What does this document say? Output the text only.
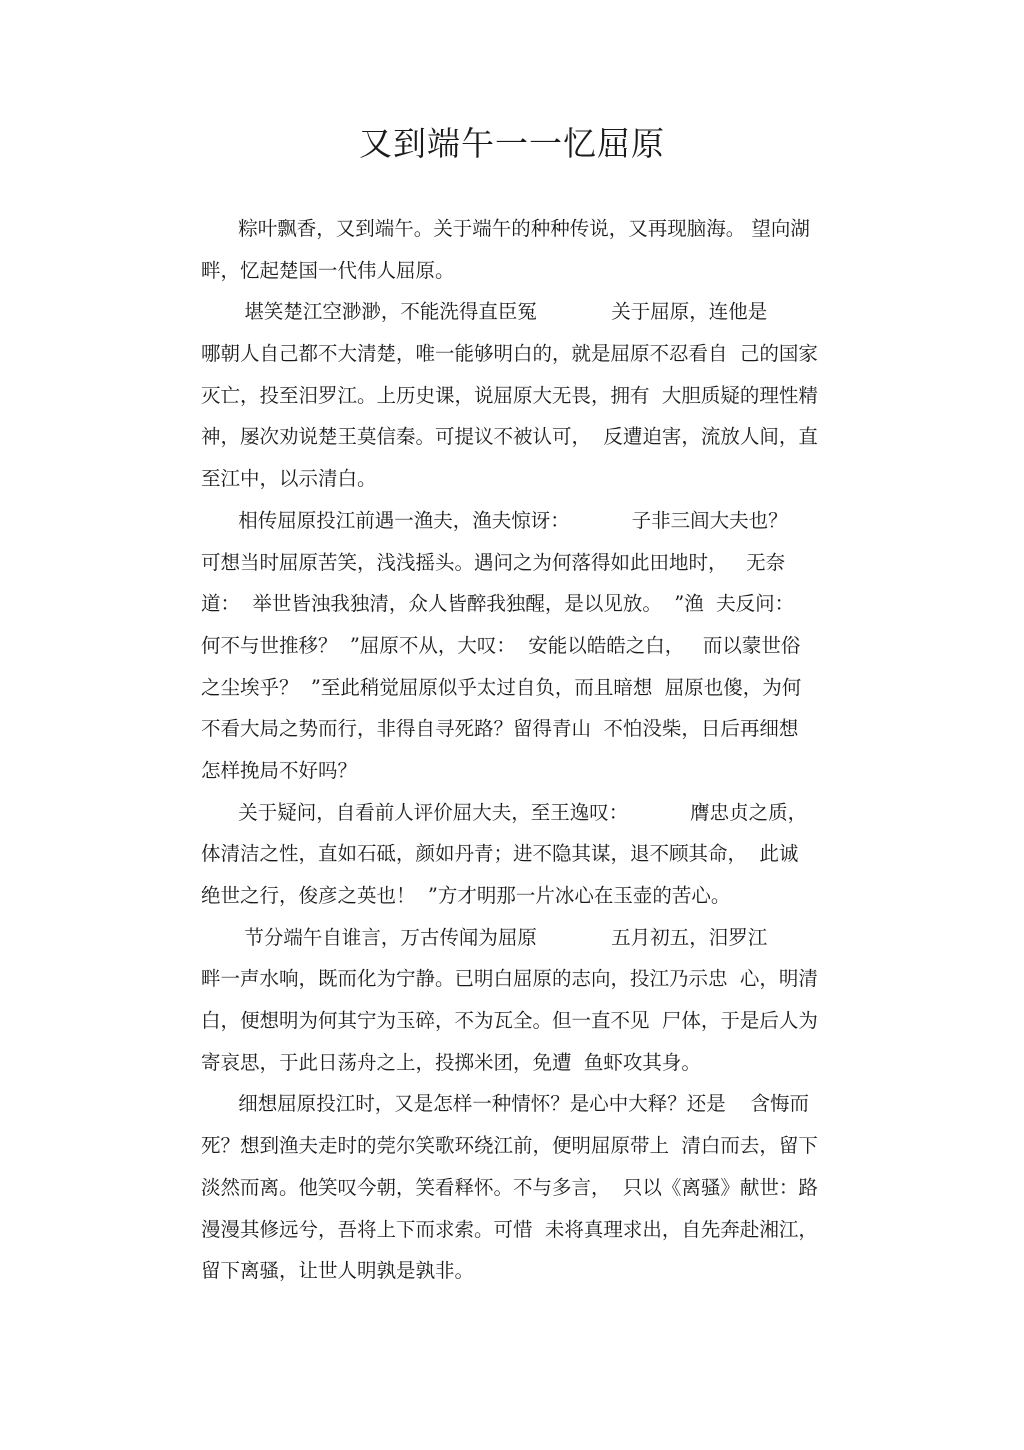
又到端午一一忆屈原
粽叶飘香，又到端午。关于端午的种种传说，又再现脑海。 望向湖
畔，忆起楚国一代伟人屈原。
堪笑楚江空渺渺，不能洗得直臣冤            关于屈原，连他是
哪朝人自己都不大清楚，唯一能够明白的，就是屈原不忍看自  己的国家
灭亡，投至汨罗江。上历史课，说屈原大无畏，拥有  大胆质疑的理性精
神，屡次劝说楚王莫信秦。可提议不被认可，  反遭迫害，流放人间，直
至江中，以示清白。
相传屈原投江前遇一渔夫，渔夫惊讶：          子非三闾大夫也？
可想当时屈原苦笑，浅浅摇头。遇问之为何落得如此田地时，   无奈
道：  举世皆浊我独清，众人皆醉我独醒，是以见放。  ”渔  夫反问：
何不与世推移？  ”屈原不从，大叹：  安能以皓皓之白，   而以蒙世俗
之尘埃乎？  ”至此稍觉屈原似乎太过自负，而且暗想  屈原也傻，为何
不看大局之势而行，非得自寻死路？留得青山  不怕没柴，日后再细想
怎样挽局不好吗？
关于疑问，自看前人评价屈大夫，至王逸叹：          膺忠贞之质，
体清洁之性，直如石砥，颜如丹青；进不隐其谋，退不顾其命，  此诚
绝世之行，俊彦之英也！  ”方才明那一片冰心在玉壶的苦心。
节分端午自谁言，万古传闻为屈原            五月初五，汨罗江
畔一声水响，既而化为宁静。已明白屈原的志向，投江乃示忠  心，明清
白，便想明为何其宁为玉碎，不为瓦全。但一直不见  尸体，于是后人为
寄哀思，于此日荡舟之上，投掷米团，免遭  鱼虾攻其身。
细想屈原投江时，又是怎样一种情怀？是心中大释？还是    含悔而
死？想到渔夫走时的莞尔笑歌环绕江前，便明屈原带上  清白而去，留下
淡然而离。他笑叹今朝，笑看释怀。不与多言，  只以《离骚》献世：路
漫漫其修远兮，吾将上下而求索。可惜  未将真理求出，自先奔赴湘江，
留下离骚，让世人明孰是孰非。
